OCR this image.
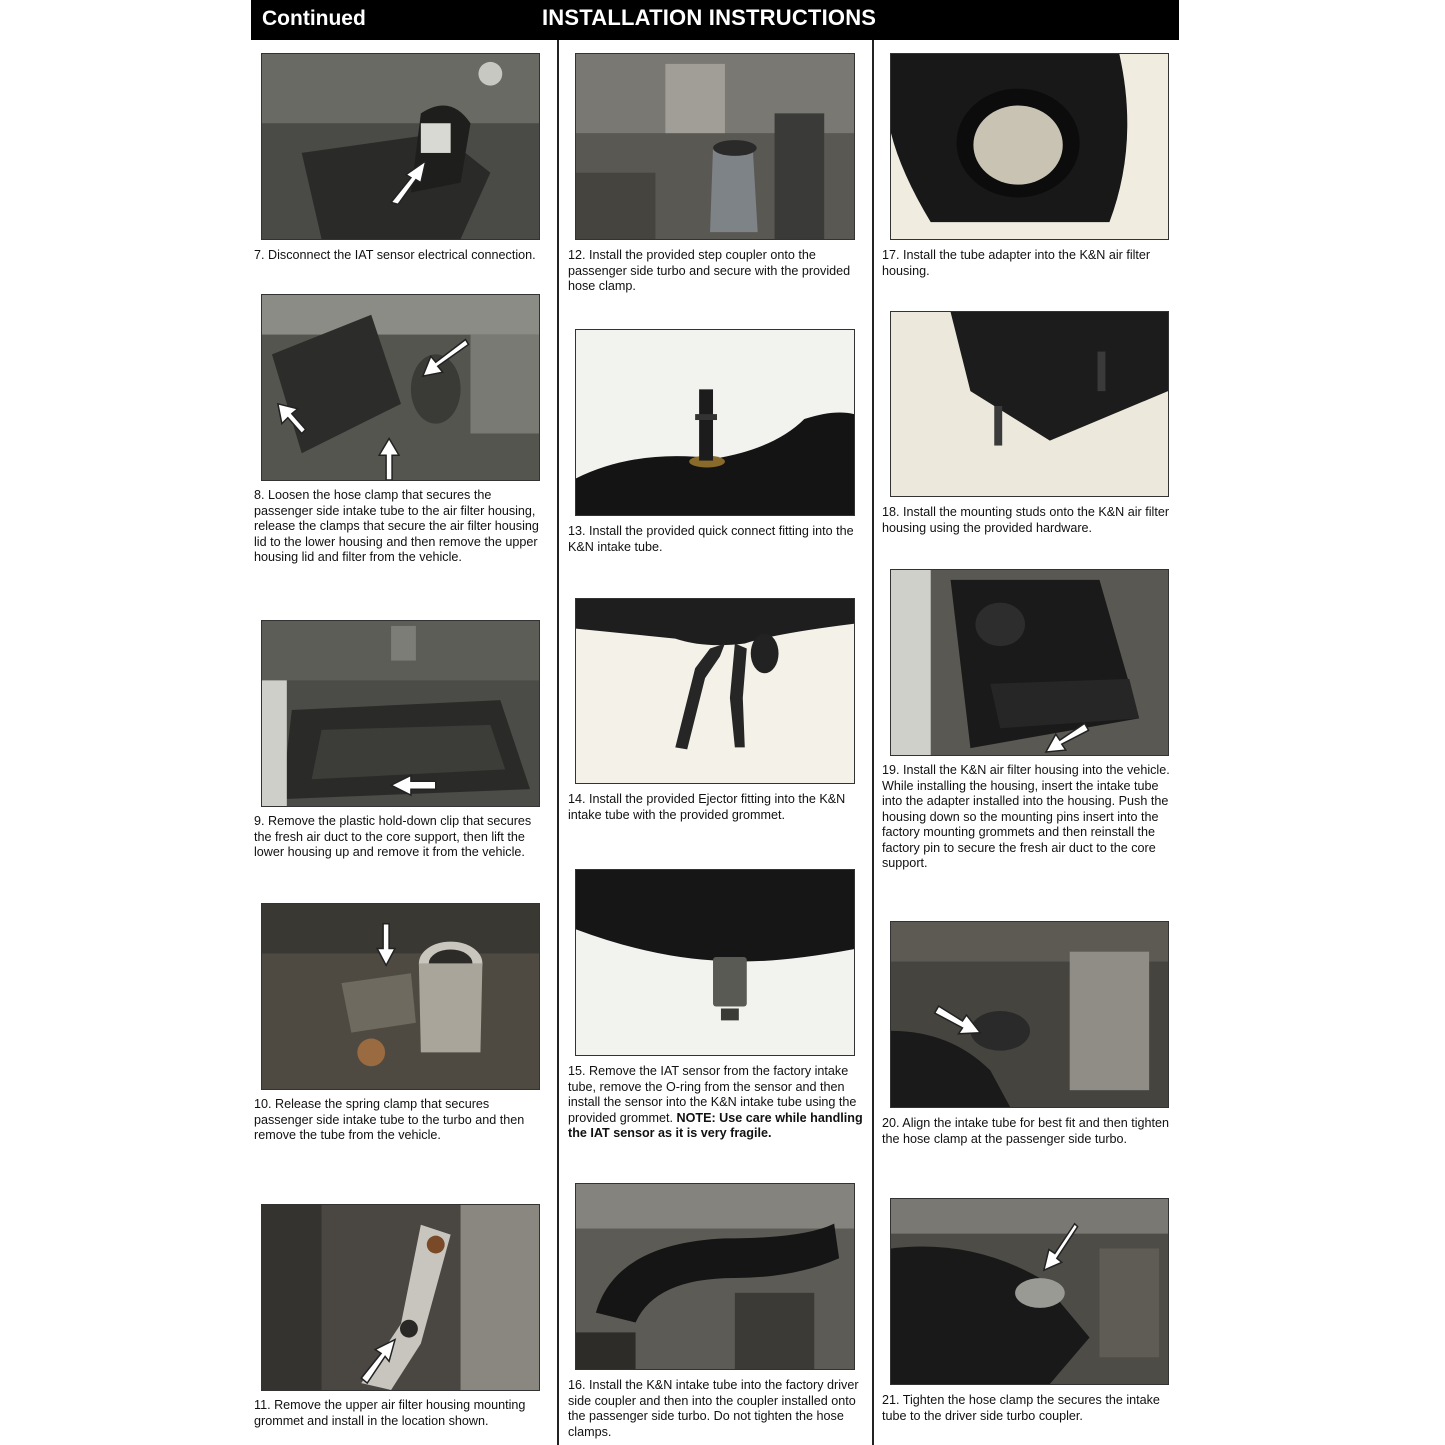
Continued	INSTALLATION INSTRUCTIONS

7. Disconnect the IAT sensor electrical connection.

8. Loosen the hose clamp that secures the passenger side intake tube to the air filter housing, release the clamps that secure the air filter housing lid to the lower housing and then remove the upper housing lid and filter from the vehicle.

9. Remove the plastic hold-down clip that secures the fresh air duct to the core support, then lift the lower housing up and remove it from the vehicle.

10. Release the spring clamp that secures passenger side intake tube to the turbo and then remove the tube from the vehicle.

11. Remove the upper air filter housing mounting grommet and install in the location shown.

12. Install the provided step coupler onto the passenger side turbo and secure with the provided hose clamp.

13. Install the provided quick connect fitting into the K&N intake tube.

14. Install the provided Ejector fitting into the K&N intake tube with the provided grommet.

15. Remove the IAT sensor from the factory intake tube, remove the O-ring from the sensor and then install the sensor into the K&N intake tube using the provided grommet. NOTE: Use care while handling the IAT sensor as it is very fragile.

16. Install the K&N intake tube into the factory driver side coupler and then into the coupler installed onto the passenger side turbo. Do not tighten the hose clamps.

17. Install the tube adapter into the K&N air filter housing.

18. Install the mounting studs onto the K&N air filter housing using the provided hardware.

19. Install the K&N air filter housing into the vehicle. While installing the housing, insert the intake tube into the adapter installed into the housing. Push the housing down so the mounting pins insert into the factory mounting grommets and then reinstall the factory pin to secure the fresh air duct to the core support.

20. Align the intake tube for best fit and then tighten the hose clamp at the passenger side turbo.

21. Tighten the hose clamp the secures the intake tube to the driver side turbo coupler.
